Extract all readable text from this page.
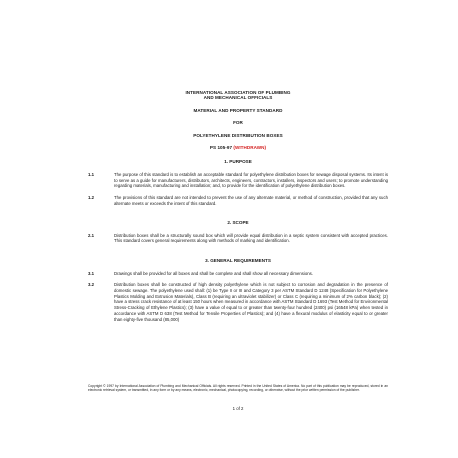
INTERNATIONAL ASSOCIATION OF PLUMBING
AND MECHANICAL OFFICIALS
MATERIAL AND PROPERTY STANDARD
FOR
POLYETHYLENE DISTRIBUTION BOXES
PS 105-97 (WITHDRAWN)
1. PURPOSE
1.1	The purpose of this standard is to establish an acceptable standard for polyethylene distribution boxes for sewage disposal systems. Its intent is to serve as a guide for manufacturers, distributors, architects, engineers, contractors, installers, inspectors and users; to promote understanding regarding materials, manufacturing and installation; and, to provide for the identification of polyethylene distribution boxes.
1.2	The provisions of this standard are not intended to prevent the use of any alternate material, or method of construction, provided that any such alternate meets or exceeds the intent of this standard.
2. SCOPE
2.1	Distribution boxes shall be a structurally sound box which will provide equal distribution in a septic system consistent with accepted practices. This standard covers general requirements along with methods of marking and identification.
3. GENERAL REQUIREMENTS
3.1	Drawings shall be provided for all boxes and shall be complete and shall show all necessary dimensions.
3.2	Distribution boxes shall be constructed of high density polyethylene which is not subject to corrosion and degradation in the presence of domestic sewage. The polyethylene used shall: (1) be Type II or III and Category 3 per ASTM Standard D 1248 (Specification for Polyethylene Plastics Molding and Extrusion Materials), Class B (requiring an ultraviolet stabilizer) or Class C (requiring a minimum of 2% carbon black); (2) have a stress crack resistance of at least 150 hours when measured in accordance with ASTM Standard D 1693 (Test Method for Environmental Stress-Cracking of Ethylene Plastics); (3) have a value of equal to or greater than twenty-four hundred (2400) psi (16548 kPa) when tested in accordance with ASTM D 638 (Test Method for Tensile Properties of Plastics); and (4) have a flexural modulus of elasticity equal to or greater than eighty-five thousand (85,000)
Copyright © 1997 by International Association of Plumbing and Mechanical Officials. All rights reserved. Printed in the United States of America. No part of this publication may be reproduced, stored in an electronic retrieval system, or transmitted, in any form or by any means, electronic, mechanical, photocopying, recording, or otherwise, without the prior written permission of the publisher.
1 of 2
